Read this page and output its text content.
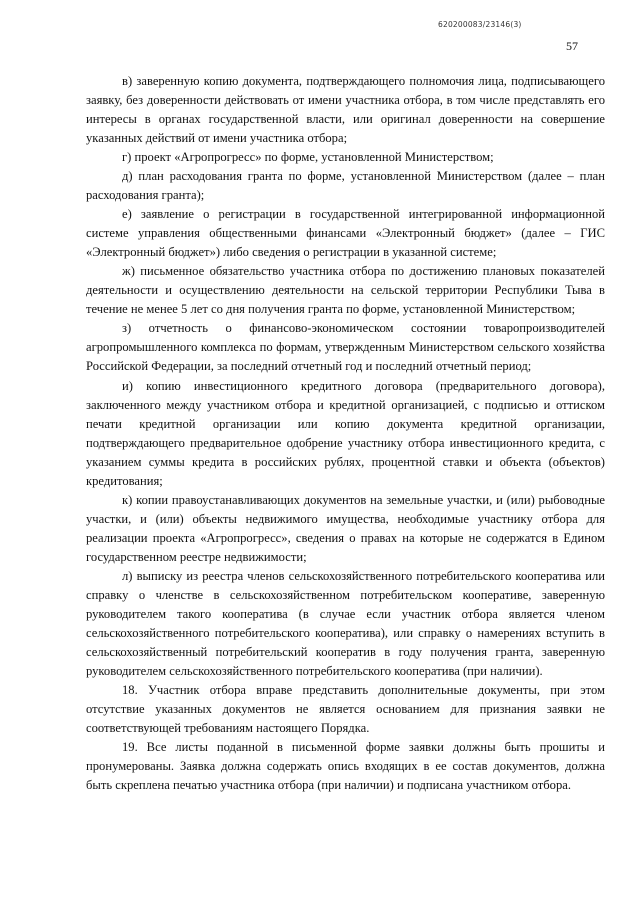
620200083/23146(3)
57

в) заверенную копию документа, подтверждающего полномочия лица, подписывающего заявку, без доверенности действовать от имени участника отбора, в том числе представлять его интересы в органах государственной власти, или оригинал доверенности на совершение указанных действий от имени участника отбора;

г) проект «Агропрогресс» по форме, установленной Министерством;

д) план расходования гранта по форме, установленной Министерством (далее – план расходования гранта);

е) заявление о регистрации в государственной интегрированной информационной системе управления общественными финансами «Электронный бюджет» (далее – ГИС «Электронный бюджет») либо сведения о регистрации в указанной системе;

ж) письменное обязательство участника отбора по достижению плановых показателей деятельности и осуществлению деятельности на сельской территории Республики Тыва в течение не менее 5 лет со дня получения гранта по форме, установленной Министерством;

з) отчетность о финансово-экономическом состоянии товаропроизводителей агропромышленного комплекса по формам, утвержденным Министерством сельского хозяйства Российской Федерации, за последний отчетный год и последний отчетный период;

и) копию инвестиционного кредитного договора (предварительного договора), заключенного между участником отбора и кредитной организацией, с подписью и оттиском печати кредитной организации или копию документа кредитной организации, подтверждающего предварительное одобрение участнику отбора инвестиционного кредита, с указанием суммы кредита в российских рублях, процентной ставки и объекта (объектов) кредитования;

к) копии правоустанавливающих документов на земельные участки, и (или) рыбоводные участки, и (или) объекты недвижимого имущества, необходимые участнику отбора для реализации проекта «Агропрогресс», сведения о правах на которые не содержатся в Едином государственном реестре недвижимости;

л) выписку из реестра членов сельскохозяйственного потребительского кооператива или справку о членстве в сельскохозяйственном потребительском кооперативе, заверенную руководителем такого кооператива (в случае если участник отбора является членом сельскохозяйственного потребительского кооператива), или справку о намерениях вступить в сельскохозяйственный потребительский кооператив в году получения гранта, заверенную руководителем сельскохозяйственного потребительского кооператива (при наличии).

18. Участник отбора вправе представить дополнительные документы, при этом отсутствие указанных документов не является основанием для признания заявки не соответствующей требованиям настоящего Порядка.

19. Все листы поданной в письменной форме заявки должны быть прошиты и пронумерованы. Заявка должна содержать опись входящих в ее состав документов, должна быть скреплена печатью участника отбора (при наличии) и подписана участником отбора.
